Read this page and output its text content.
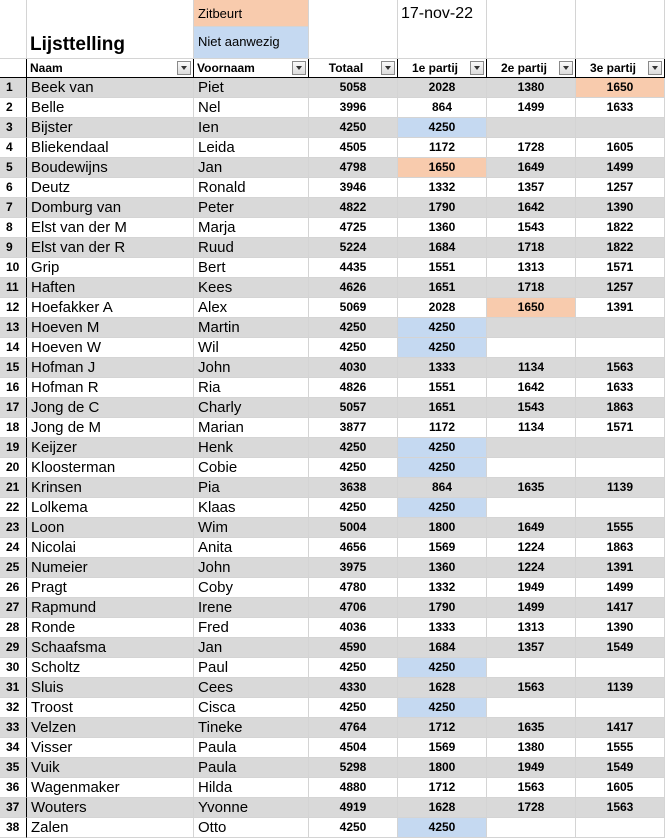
Lijsttelling
Zitbeurt
Niet aanwezig
17-nov-22
Naam	Voornaam	Totaal	1e partij	2e partij	3e partij
1	Beek van	Piet	5058	2028	1380	1650
2	Belle	Nel	3996	864	1499	1633
3	Bijster	Ien	4250	4250
4	Bliekendaal	Leida	4505	1172	1728	1605
5	Boudewijns	Jan	4798	1650	1649	1499
6	Deutz	Ronald	3946	1332	1357	1257
7	Domburg van	Peter	4822	1790	1642	1390
8	Elst van der M	Marja	4725	1360	1543	1822
9	Elst van der R	Ruud	5224	1684	1718	1822
10 Grip	Bert	4435	1551	1313	1571
11 Haften	Kees	4626	1651	1718	1257
12 Hoefakker A	Alex	5069	2028	1650	1391
13 Hoeven M	Martin	4250	4250
14 Hoeven W	Wil	4250	4250
15 Hofman J	John	4030	1333	1134	1563
16 Hofman R	Ria	4826	1551	1642	1633
17 Jong de C	Charly	5057	1651	1543	1863
18 Jong de M	Marian	3877	1172	1134	1571
19 Keijzer	Henk	4250	4250
20 Kloosterman	Cobie	4250	4250
21 Krinsen	Pia	3638	864	1635	1139
22 Lolkema	Klaas	4250	4250
23 Loon	Wim	5004	1800	1649	1555
24 Nicolai	Anita	4656	1569	1224	1863
25 Numeier	John	3975	1360	1224	1391
26 Pragt	Coby	4780	1332	1949	1499
27 Rapmund	Irene	4706	1790	1499	1417
28 Ronde	Fred	4036	1333	1313	1390
29 Schaafsma	Jan	4590	1684	1357	1549
30 Scholtz	Paul	4250	4250
31 Sluis	Cees	4330	1628	1563	1139
32 Troost	Cisca	4250	4250
33 Velzen	Tineke	4764	1712	1635	1417
34 Visser	Paula	4504	1569	1380	1555
35 Vuik	Paula	5298	1800	1949	1549
36 Wagenmaker	Hilda	4880	1712	1563	1605
37 Wouters	Yvonne	4919	1628	1728	1563
38 Zalen	Otto	4250	4250
